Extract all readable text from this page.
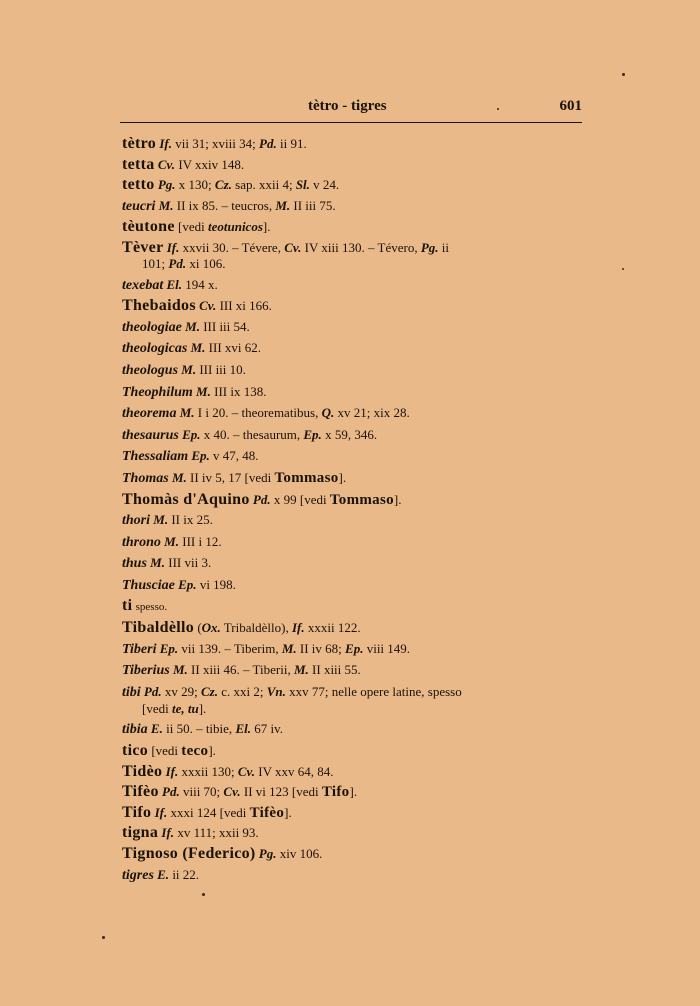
tètro - tigres	601
tètro If. vii 31; xviii 34; Pd. ii 91.
tetta Cv. IV xxiv 148.
tetto Pg. x 130; Cz. sap. xxii 4; Sl. v 24.
teucri M. II ix 85. – teucros, M. II iii 75.
tèutone [vedi teotunicos].
Tèver If. xxvii 30. – Tévere, Cv. IV xiii 130. – Tévero, Pg. ii
101; Pd. xi 106.
texebat El. 194 x.
Thebaidos Cv. III xi 166.
theologiae M. III iii 54.
theologicas M. III xvi 62.
theologus M. III iii 10.
Theophilum M. III ix 138.
theorema M. I i 20. – theorematibus, Q. xv 21; xix 28.
thesaurus Ep. x 40. – thesaurum, Ep. x 59, 346.
Thessaliam Ep. v 47, 48.
Thomas M. II iv 5, 17 [vedi Tommaso].
Thomàs d'Aquino Pd. x 99 [vedi Tommaso].
thori M. II ix 25.
throno M. III i 12.
thus M. III vii 3.
Thusciae Ep. vi 198.
ti spesso.
Tibaldèllo (Ox. Tribaldèllo), If. xxxii 122.
Tiberi Ep. vii 139. – Tiberim, M. II iv 68; Ep. viii 149.
Tiberius M. II xiii 46. – Tiberii, M. II xiii 55.
tibi Pd. xv 29; Cz. c. xxi 2; Vn. xxv 77; nelle opere latine, spesso
[vedi te, tu].
tibia E. ii 50. – tibie, El. 67 iv.
tico [vedi teco].
Tidèo If. xxxii 130; Cv. IV xxv 64, 84.
Tifèo Pd. viii 70; Cv. II vi 123 [vedi Tifo].
Tifo If. xxxi 124 [vedi Tifèo].
tigna If. xv 111; xxii 93.
Tignoso (Federico) Pg. xiv 106.
tigres E. ii 22.
